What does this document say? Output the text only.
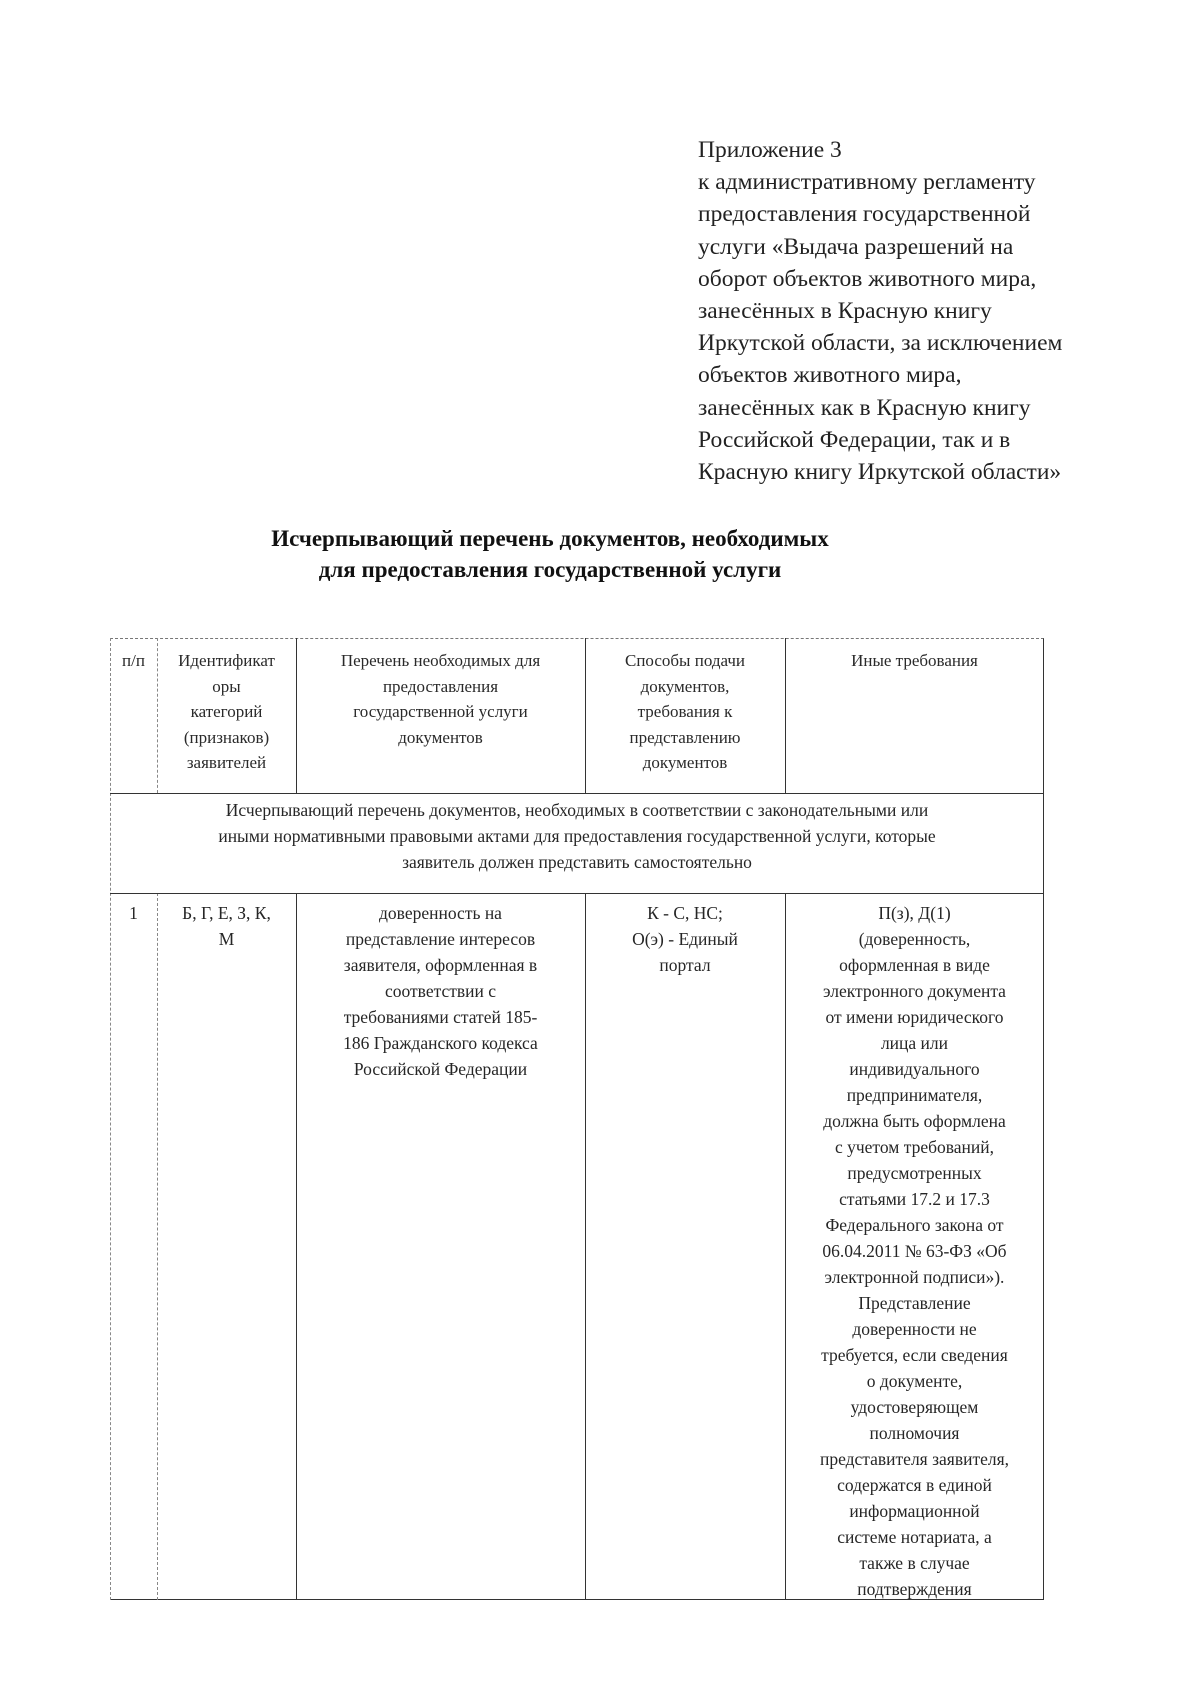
Приложение 3
к административному регламенту
предоставления государственной
услуги «Выдача разрешений на
оборот объектов животного мира,
занесённых в Красную книгу
Иркутской области, за исключением
объектов животного мира,
занесённых как в Красную книгу
Российской Федерации, так и в
Красную книгу Иркутской области»
Исчерпывающий перечень документов, необходимых
для предоставления государственной услуги
п/п	Идентификат
оры
категорий
(признаков)
заявителей
Перечень необходимых для
предоставления
государственной услуги
документов
Способы подачи
документов,
требования к
представлению
документов
Иные требования
Исчерпывающий перечень документов, необходимых в соответствии с законодательными или
иными нормативными правовыми актами для предоставления государственной услуги, которые
заявитель должен представить самостоятельно
1	Б, Г, Е, З, К,
М
доверенность на
представление интересов
заявителя, оформленная в
соответствии с
требованиями статей 185-
186 Гражданского кодекса
Российской Федерации
К - С, НС;
О(э) - Единый
портал
П(з), Д(1)
(доверенность,
оформленная в виде
электронного документа
от имени юридического
лица или
индивидуального
предпринимателя,
должна быть оформлена
с учетом требований,
предусмотренных
статьями 17.2 и 17.3
Федерального закона от
06.04.2011 № 63-ФЗ «Об
электронной подписи»).
Представление
доверенности не
требуется, если сведения
о документе,
удостоверяющем
полномочия
представителя заявителя,
содержатся в единой
информационной
системе нотариата, а
также в случае
подтверждения
